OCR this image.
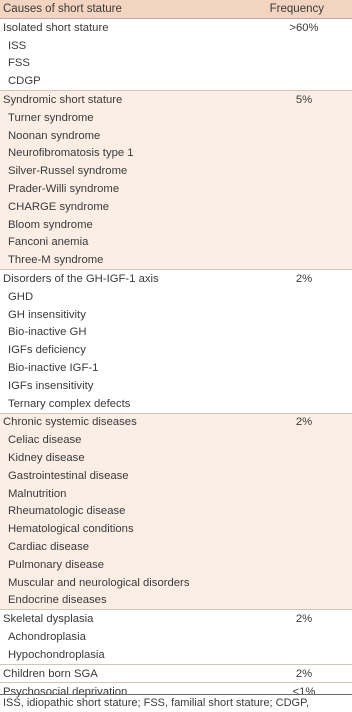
Causes of short stature	Frequency
Isolated short stature	>60%
ISS
FSS
CDGP
Syndromic short stature	5%
Turner syndrome
Noonan syndrome
Neurofibromatosis type 1
Silver-Russel syndrome
Prader-Willi syndrome
CHARGE syndrome
Bloom syndrome
Fanconi anemia
Three-M syndrome
Disorders of the GH-IGF-1 axis	2%
GHD
GH insensitivity
Bio-inactive GH
IGFs deficiency
Bio-inactive IGF-1
IGFs insensitivity
Ternary complex defects
Chronic systemic diseases	2%
Celiac disease
Kidney disease
Gastrointestinal disease
Malnutrition
Rheumatologic disease
Hematological conditions
Cardiac disease
Pulmonary disease
Muscular and neurological disorders
Endocrine diseases
Skeletal dysplasia	2%
Achondroplasia
Hypochondroplasia
Children born SGA	2%
Psychosocial deprivation	<1%
ISS, idiopathic short stature; FSS, familial short stature; CDGP,
